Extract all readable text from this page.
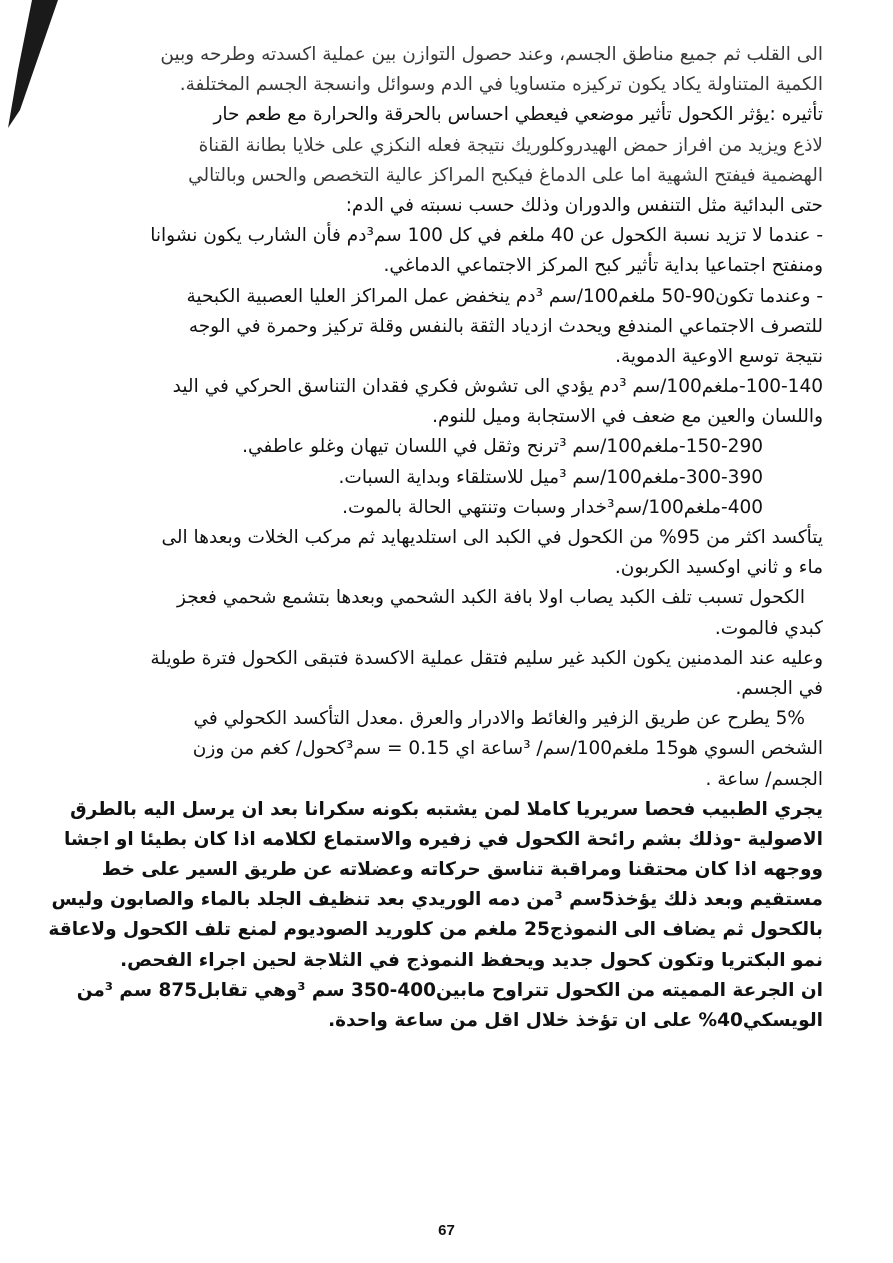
الى القلب ثم جميع مناطق الجسم، وعند حصول التوازن بين عملية اكسدته وطرحه وبين
الكمية المتناولة يكاد يكون تركيزه متساويا في الدم وسوائل وانسجة الجسم المختلفة.
تأثيره :يؤثر الكحول تأثير موضعي فيعطي احساس بالحرقة والحرارة مع طعم حار
لاذع ويزيد من افراز حمض الهيدروكلوريك نتيجة فعله النكزي على خلايا بطانة القناة
الهضمية فيفتح الشهية اما على الدماغ فيكبح المراكز عالية التخصص والحس وبالتالي
حتى البدائية مثل التنفس والدوران وذلك حسب نسبته في الدم:
- عندما لا تزيد نسبة الكحول عن 40 ملغم في كل 100 سم³دم فأن الشارب يكون نشوانا
ومنفتح اجتماعيا بداية تأثير كبح المركز الاجتماعي الدماغي.
- وعندما تكون90-50 ملغم100/سم ³دم ينخفض عمل المراكز العليا العصبية الكبحية
للتصرف الاجتماعي المندفع ويحدث ازدياد الثقة بالنفس وقلة تركيز وحمرة في الوجه
نتيجة توسع الاوعية الدموية.
100-140-ملغم100/سم ³دم يؤدي الى تشوش فكري فقدان التناسق الحركي في اليد
واللسان والعين مع ضعف في الاستجابة وميل للنوم.
150-290-ملغم100/سم ³ترنح وثقل في اللسان تيهان وغلو عاطفي.
300-390-ملغم100/سم ³ميل للاستلقاء وبداية السبات.
400-ملغم100/سم³خدار وسبات وتنتهي الحالة بالموت.
يتأكسد اكثر من 95% من الكحول في الكبد الى استلديهايد ثم مركب الخلات وبعدها الى
ماء و ثاني اوكسيد الكربون.
الكحول تسبب تلف الكبد يصاب اولا بافة الكبد الشحمي وبعدها بتشمع شحمي فعجز
كبدي فالموت.
وعليه عند المدمنين يكون الكبد غير سليم فتقل عملية الاكسدة فتبقى الكحول فترة طويلة
في الجسم.
5% يطرح عن طريق الزفير والغائط والادرار والعرق .معدل التأكسد الكحولي في
الشخص السوي هو15 ملغم100/سم/ ³ساعة اي 0.15 = سم³كحول/ كغم من وزن
الجسم/ ساعة .
يجري الطبيب فحصا سريريا كاملا لمن يشتبه بكونه سكرانا بعد ان يرسل اليه بالطرق
الاصولية -وذلك بشم رائحة الكحول في زفيره والاستماع لكلامه اذا كان بطيئا او اجشا
ووجهه اذا كان محتقنا ومراقبة تناسق حركاته وعضلاته عن طريق السير على خط
مستقيم وبعد ذلك يؤخذ5سم ³من دمه الوريدي بعد تنظيف الجلد بالماء والصابون وليس
بالكحول ثم يضاف الى النموذج25 ملغم من كلوريد الصوديوم لمنع تلف الكحول ولاعاقة
نمو البكتريا وتكون كحول جديد ويحفظ النموذج في الثلاجة لحين اجراء الفحص.
ان الجرعة المميته من الكحول تتراوح مابين400-350 سم ³وهي تقابل875 سم ³من
الويسكي40% على ان تؤخذ خلال اقل من ساعة واحدة.
67
